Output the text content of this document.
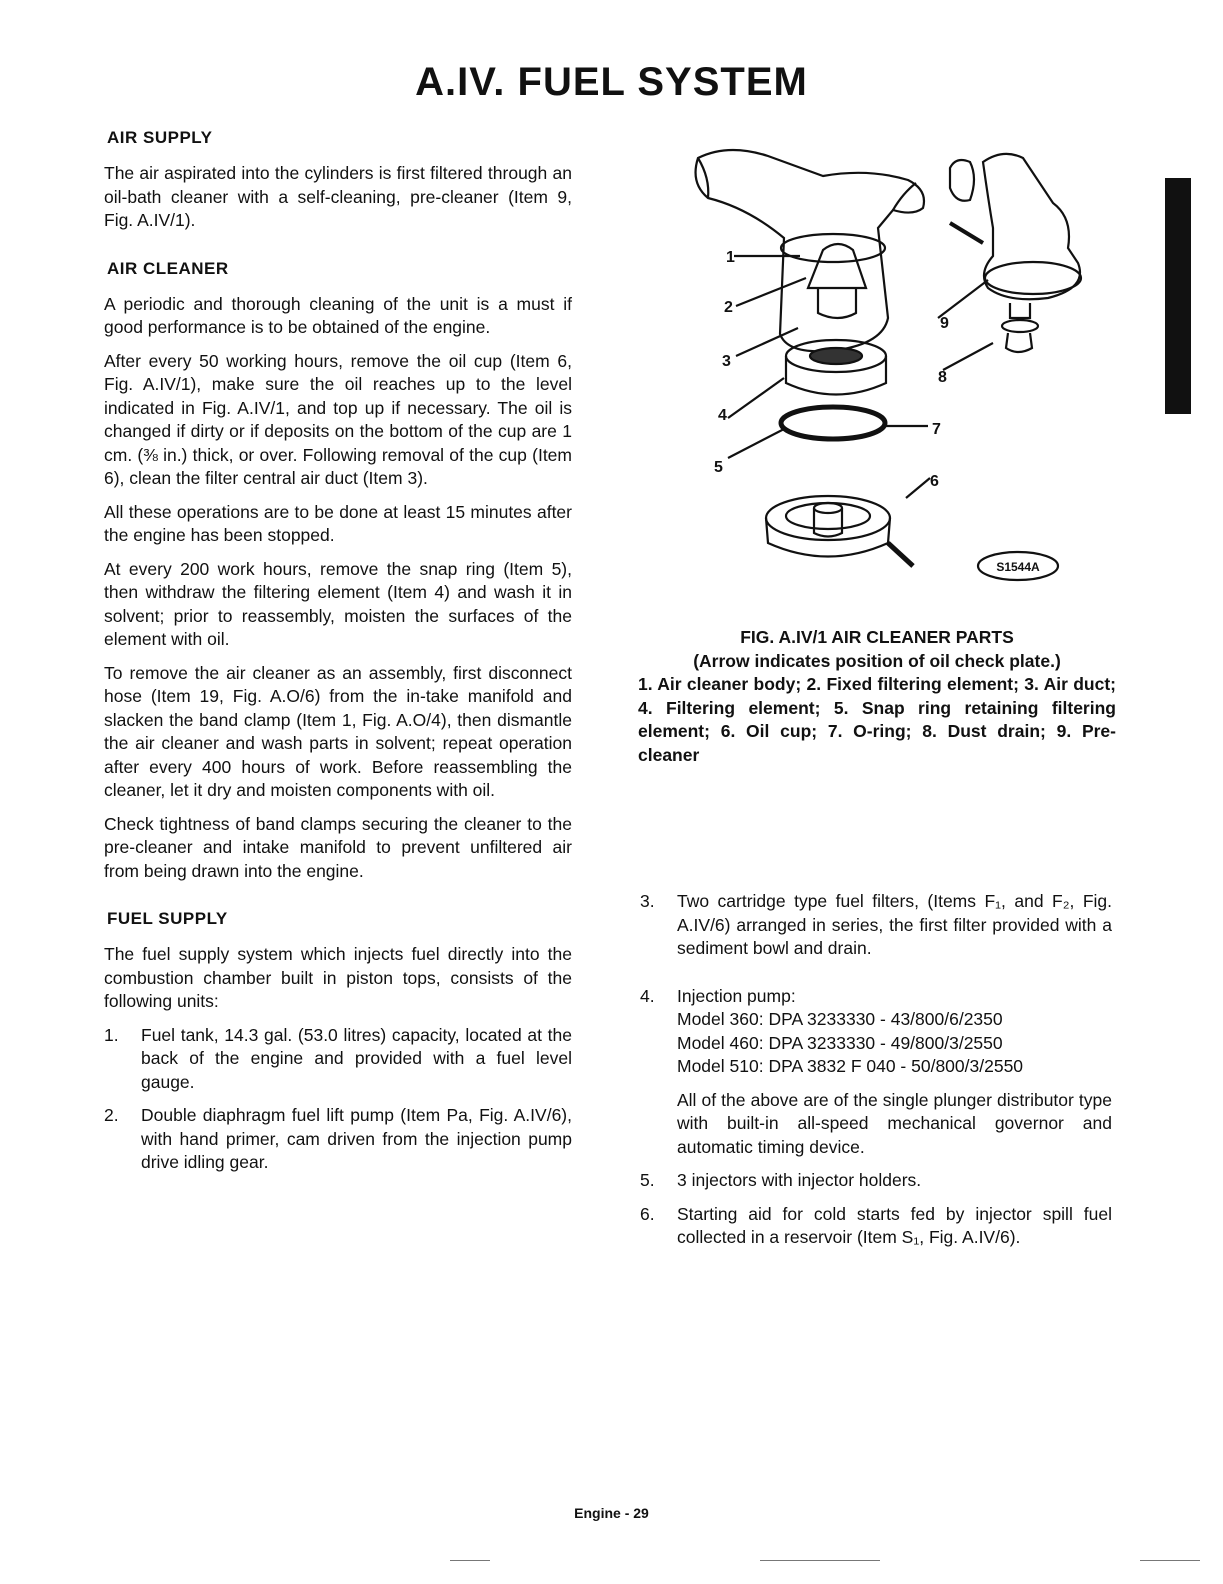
A.IV. FUEL SYSTEM
AIR SUPPLY

The air aspirated into the cylinders is first filtered through an oil-bath cleaner with a self-cleaning, pre-cleaner (Item 9, Fig. A.IV/1).

AIR CLEANER

A periodic and thorough cleaning of the unit is a must if good performance is to be obtained of the engine.

After every 50 working hours, remove the oil cup (Item 6, Fig. A.IV/1), make sure the oil reaches up to the level indicated in Fig. A.IV/1, and top up if necessary. The oil is changed if dirty or if deposits on the bottom of the cup are 1 cm. (⅜ in.) thick, or over. Following removal of the cup (Item 6), clean the filter central air duct (Item 3).

All these operations are to be done at least 15 minutes after the engine has been stopped.

At every 200 work hours, remove the snap ring (Item 5), then withdraw the filtering element (Item 4) and wash it in solvent; prior to reassembly, moisten the surfaces of the element with oil.

To remove the air cleaner as an assembly, first disconnect hose (Item 19, Fig. A.O/6) from the in-take manifold and slacken the band clamp (Item 1, Fig. A.O/4), then dismantle the air cleaner and wash parts in solvent; repeat operation after every 400 hours of work. Before reassembling the cleaner, let it dry and moisten components with oil.

Check tightness of band clamps securing the cleaner to the pre-cleaner and intake manifold to prevent unfiltered air from being drawn into the engine.

FUEL SUPPLY

The fuel supply system which injects fuel directly into the combustion chamber built in piston tops, consists of the following units:

1.	Fuel tank, 14.3 gal. (53.0 litres) capacity, located at the back of the engine and provided with a fuel level gauge.
2.	Double diaphragm fuel lift pump (Item Pa, Fig. A.IV/6), with hand primer, cam driven from the injection pump drive idling gear.
1
2
3
4
5
6
7
8
9
S1544A
FIG. A.IV/1 AIR CLEANER PARTS
(Arrow indicates position of oil check plate.)
1. Air cleaner body; 2. Fixed filtering element; 3. Air duct; 4. Filtering element; 5. Snap ring retaining filtering element; 6. Oil cup; 7. O-ring; 8. Dust drain; 9. Pre-cleaner
3.	Two cartridge type fuel filters, (Items F₁, and F₂, Fig. A.IV/6) arranged in series, the first filter provided with a sediment bowl and drain.
4.	Injection pump:
Model 360: DPA 3233330 - 43/800/6/2350
Model 460: DPA 3233330 - 49/800/3/2550
Model 510: DPA 3832 F 040 - 50/800/3/2550
All of the above are of the single plunger distributor type with built-in all-speed mechanical governor and automatic timing device.
5.	3 injectors with injector holders.
6.	Starting aid for cold starts fed by injector spill fuel collected in a reservoir (Item S₁, Fig. A.IV/6).
Engine - 29
